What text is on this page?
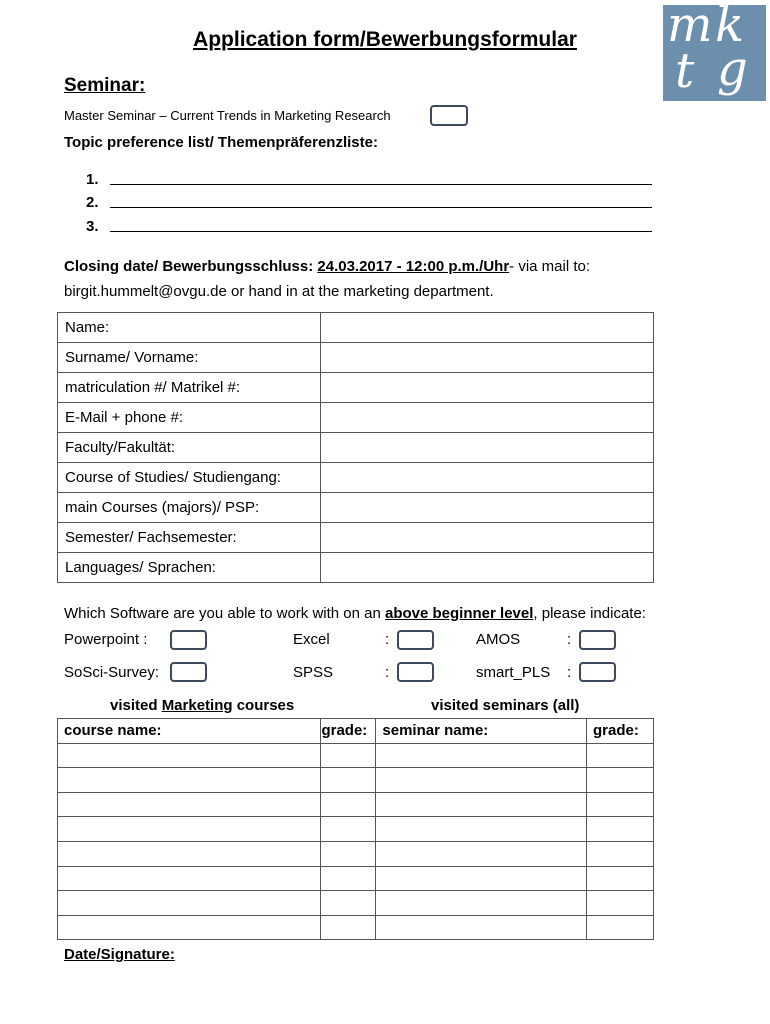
m k
t g
Application form/Bewerbungsformular
Seminar:
Master Seminar – Current Trends in Marketing Research
Topic preference list/ Themenpräferenzliste:
1.
2.
3.
Closing date/ Bewerbungsschluss: 24.03.2017 - 12:00 p.m./Uhr- via mail to:
birgit.hummelt@ovgu.de or hand in at the marketing department.
Name:	
Surname/ Vorname:	
matriculation #/ Matrikel #:	
E-Mail + phone #:	
Faculty/Fakultät:	
Course of Studies/ Studiengang:	
main Courses (majors)/ PSP:	
Semester/ Fachsemester:	
Languages/ Sprachen:	
Which Software are you able to work with on an above beginner level, please indicate:
Powerpoint :	Excel	:	AMOS	:
SoSci-Survey:	SPSS	:	smart_PLS :
visited Marketing courses	visited seminars (all)
course name:	grade:	seminar name:	grade:

Date/Signature:
